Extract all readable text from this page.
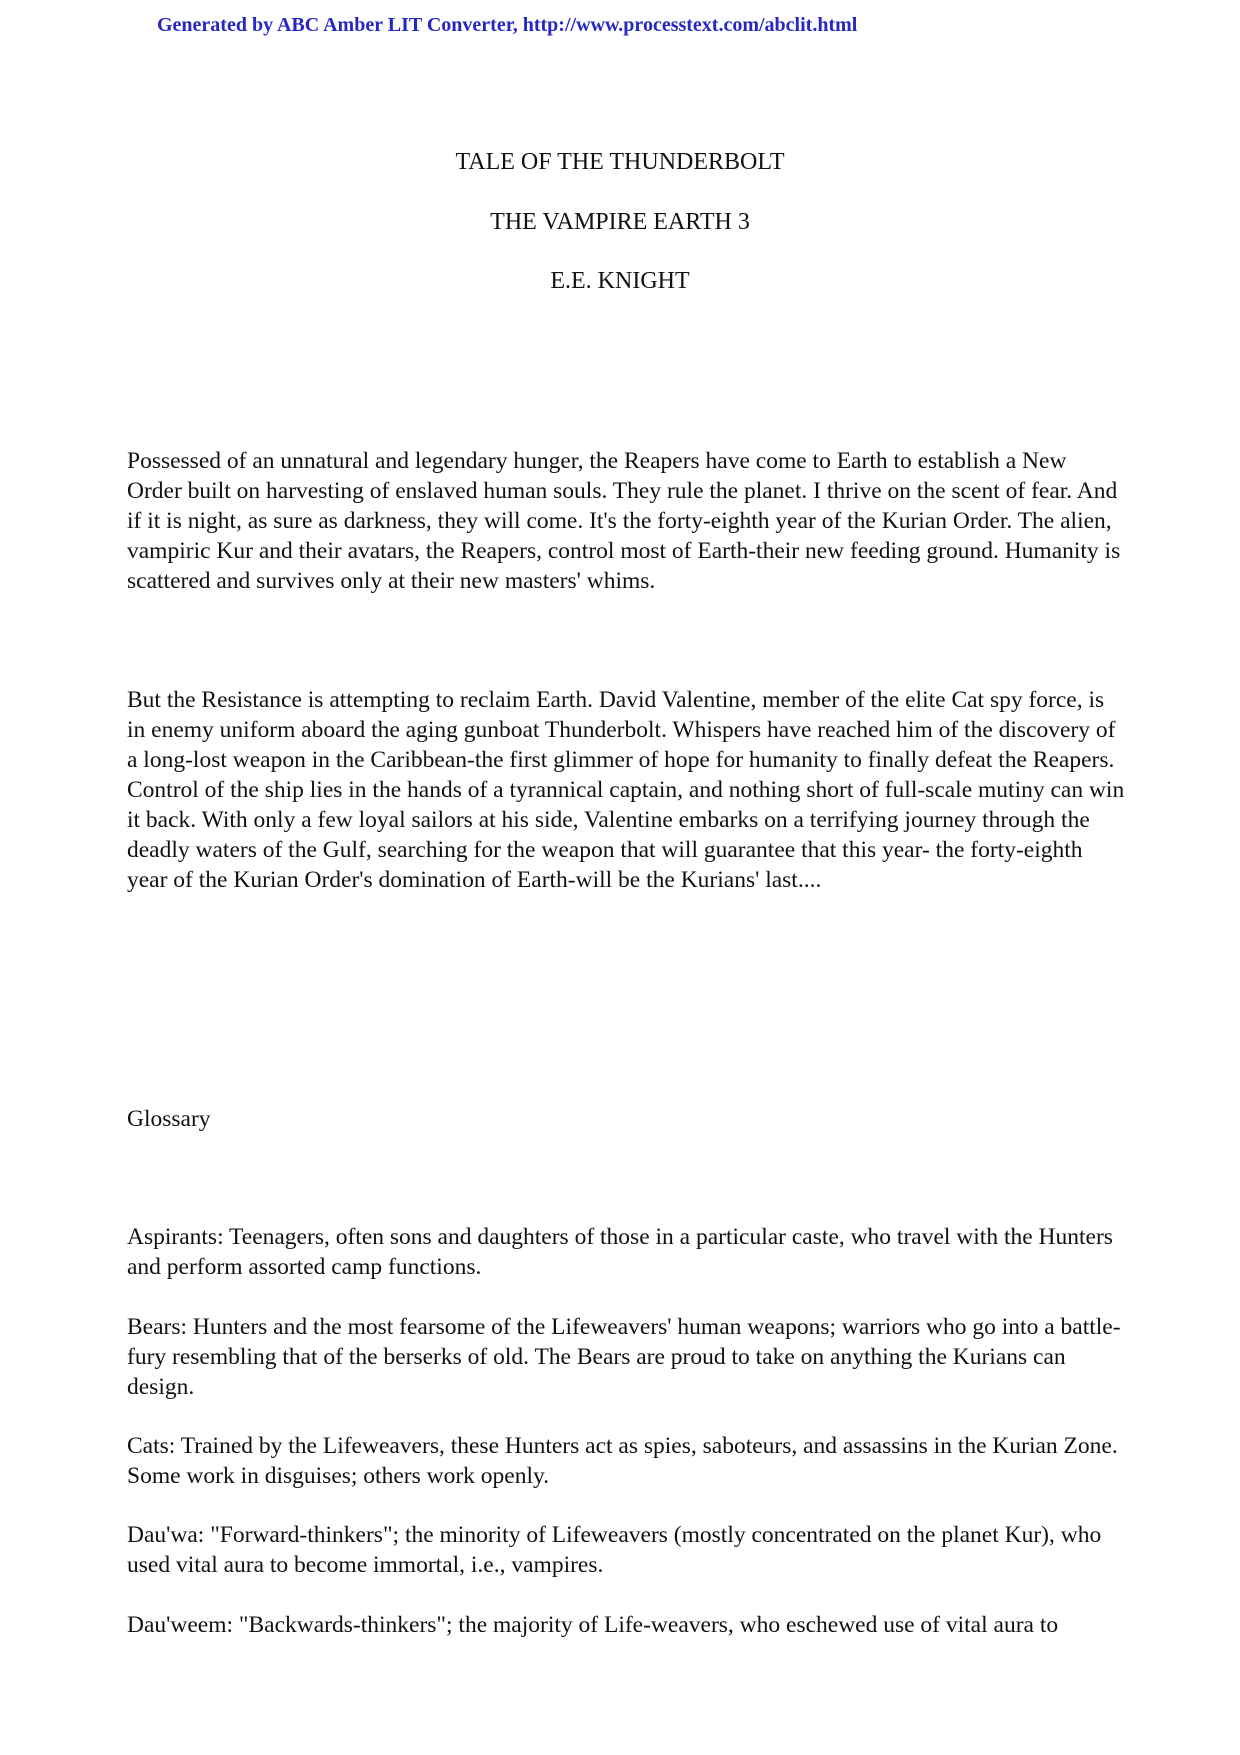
Generated by ABC Amber LIT Converter, http://www.processtext.com/abclit.html
TALE OF THE THUNDERBOLT
THE VAMPIRE EARTH 3
E.E. KNIGHT

Possessed of an unnatural and legendary hunger, the Reapers have come to Earth to establish a New Order built on harvesting of enslaved human souls. They rule the planet. I thrive on the scent of fear. And if it is night, as sure as darkness, they will come. It's the forty-eighth year of the Kurian Order. The alien, vampiric Kur and their avatars, the Reapers, control most of Earth-their new feeding ground. Humanity is scattered and survives only at their new masters' whims.

But the Resistance is attempting to reclaim Earth. David Valentine, member of the elite Cat spy force, is in enemy uniform aboard the aging gunboat Thunderbolt. Whispers have reached him of the discovery of a long-lost weapon in the Caribbean-the first glimmer of hope for humanity to finally defeat the Reapers. Control of the ship lies in the hands of a tyrannical captain, and nothing short of full-scale mutiny can win it back. With only a few loyal sailors at his side, Valentine embarks on a terrifying journey through the deadly waters of the Gulf, searching for the weapon that will guarantee that this year- the forty-eighth year of the Kurian Order's domination of Earth-will be the Kurians' last....

Glossary

Aspirants: Teenagers, often sons and daughters of those in a particular caste, who travel with the Hunters and perform assorted camp functions.

Bears: Hunters and the most fearsome of the Lifeweavers' human weapons; warriors who go into a battle-fury resembling that of the berserks of old. The Bears are proud to take on anything the Kurians can design.

Cats: Trained by the Lifeweavers, these Hunters act as spies, saboteurs, and assassins in the Kurian Zone. Some work in disguises; others work openly.

Dau'wa: "Forward-thinkers"; the minority of Lifeweavers (mostly concentrated on the planet Kur), who used vital aura to become immortal, i.e., vampires.

Dau'weem: "Backwards-thinkers"; the majority of Life-weavers, who eschewed use of vital aura to
